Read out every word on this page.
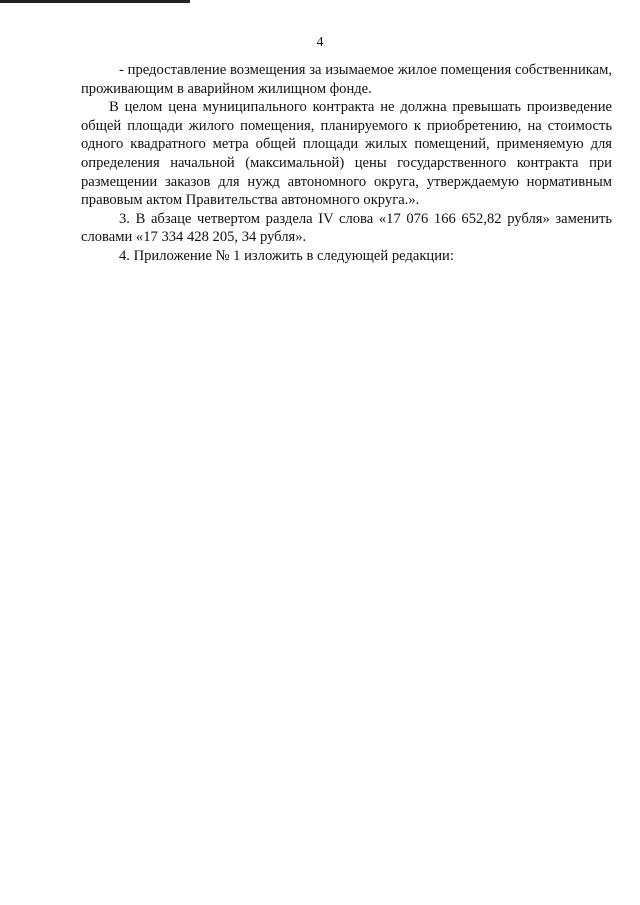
4

- предоставление возмещения за изымаемое жилое помещения собственникам, проживающим в аварийном жилищном фонде.

В целом цена муниципального контракта не должна превышать произведение общей площади жилого помещения, планируемого к приобретению, на стоимость одного квадратного метра общей площади жилых помещений, применяемую для определения начальной (максимальной) цены государственного контракта при размещении заказов для нужд автономного округа, утверждаемую нормативным правовым актом Правительства автономного округа.».

3. В абзаце четвертом раздела IV слова «17 076 166 652,82 рубля» заменить словами «17 334 428 205, 34 рубля».

4. Приложение № 1 изложить в следующей редакции:
